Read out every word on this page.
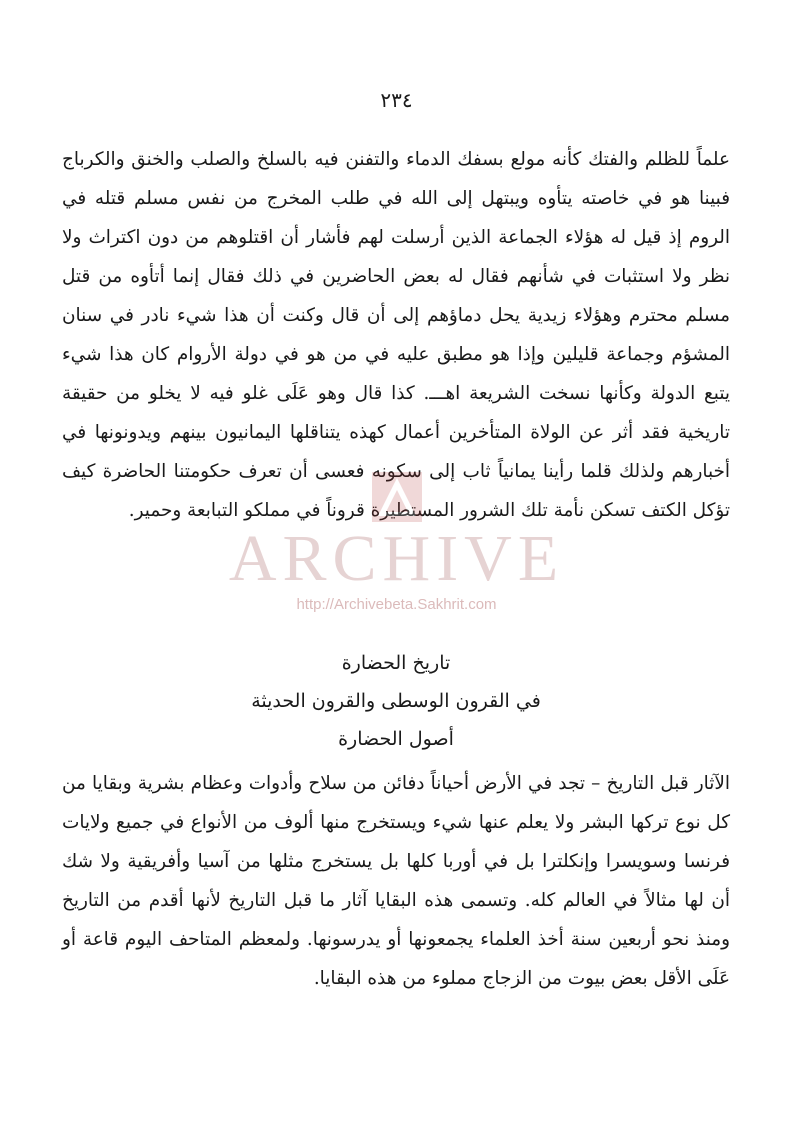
٢٣٤

علماً للظلم والفتك كأنه مولع بسفك الدماء والتفنن فيه بالسلخ والصلب والخنق والكرباج فبينا هو في خاصته يتأوه ويبتهل إلى الله في طلب المخرج من نفس مسلم قتله في الروم إذ قيل له هؤلاء الجماعة الذين أرسلت لهم فأشار أن اقتلوهم من دون اكتراث ولا نظر ولا استثبات في شأنهم فقال له بعض الحاضرين في ذلك فقال إنما أتأوه من قتل مسلم محترم وهؤلاء زيدية يحل دماؤهم إلى أن قال وكنت أن هذا شيء نادر في سنان المشؤم وجماعة قليلين وإذا هو مطبق عليه في من هو في دولة الأروام كان هذا شيء يتبع الدولة وكأنها نسخت الشريعة اهـــ. كذا قال وهو عَلَى غلو فيه لا يخلو من حقيقة تاريخية فقد أثر عن الولاة المتأخرين أعمال كهذه يتناقلها اليمانيون بينهم ويدونونها في أخبارهم ولذلك قلما رأينا يمانياً ثاب إلى سكونه فعسى أن تعرف حكومتنا الحاضرة كيف تؤكل الكتف تسكن نأمة تلك الشرور المستطيرة قروناً في مملكو التبابعة وحمير.

تاريخ الحضارة
في القرون الوسطى والقرون الحديثة
أصول الحضارة

الآثار قبل التاريخ – تجد في الأرض أحياناً دفائن من سلاح وأدوات وعظام بشرية وبقايا من كل نوع تركها البشر ولا يعلم عنها شيء ويستخرج منها ألوف من الأنواع في جميع ولايات فرنسا وسويسرا وإنكلترا بل في أوربا كلها بل يستخرج مثلها من آسيا وأفريقية ولا شك أن لها مثالاً في العالم كله. وتسمى هذه البقايا آثار ما قبل التاريخ لأنها أقدم من التاريخ ومنذ نحو أربعين سنة أخذ العلماء يجمعونها أو يدرسونها. ولمعظم المتاحف اليوم قاعة أو عَلَى الأقل بعض بيوت من الزجاج مملوء من هذه البقايا.

ARCHIVE
http://Archivebeta.Sakhrit.com
